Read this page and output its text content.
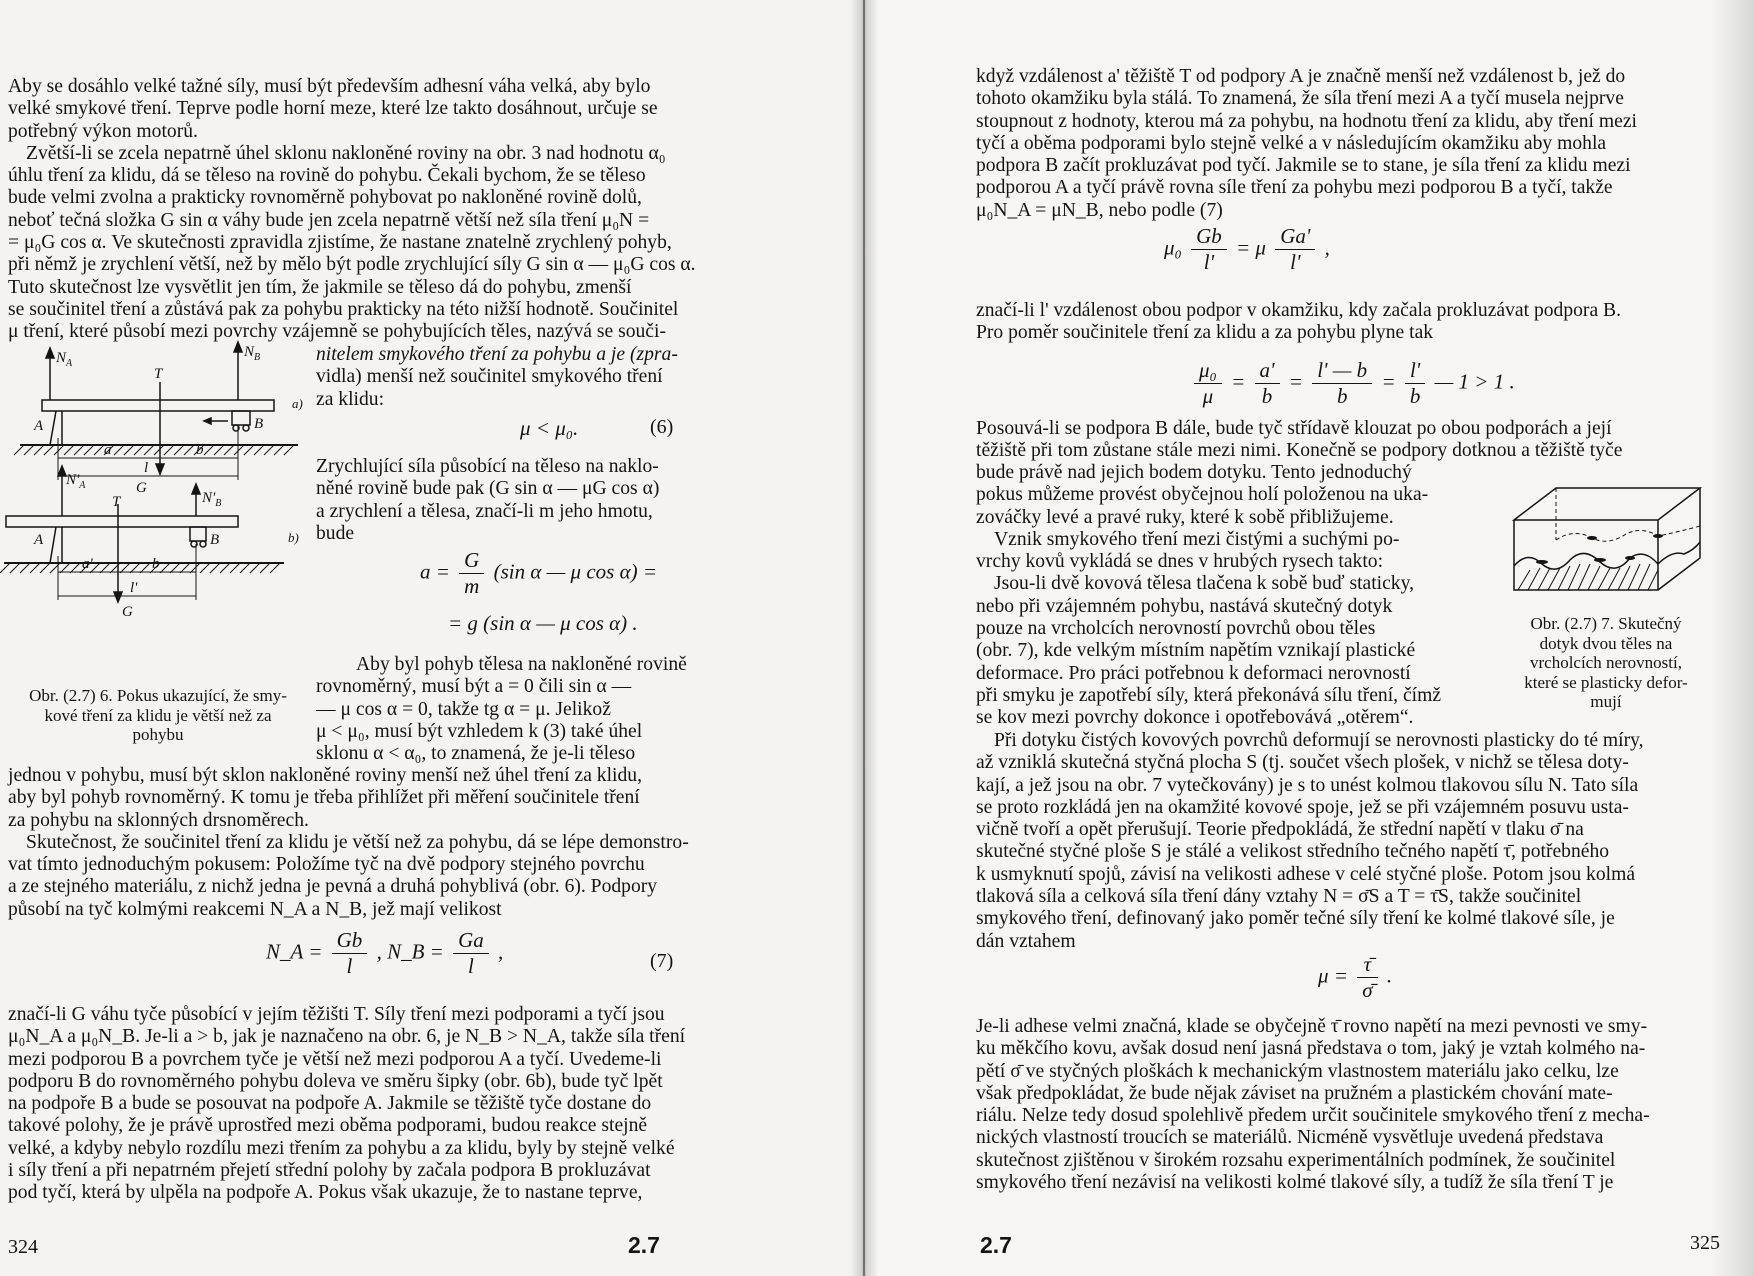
Aby se dosáhlo velké tažné síly, musí být především adhesní váha velká, aby bylo
velké smykové tření. Teprve podle horní meze, které lze takto dosáhnout, určuje se
potřebný výkon motorů.
Zvětší-li se zcela nepatrně úhel sklonu nakloněné roviny na obr. 3 nad hodnotu α₀
úhlu tření za klidu, dá se těleso na rovině do pohybu. Čekali bychom, že se těleso
bude velmi zvolna a prakticky rovnoměrně pohybovat po nakloněné rovině dolů,
neboť tečná složka G sin α váhy bude jen zcela nepatrně větší než síla tření μ₀N =
= μ₀G cos α. Ve skutečnosti zpravidla zjistíme, že nastane znatelně zrychlený pohyb,
při němž je zrychlení větší, než by mělo být podle zrychlující síly G sin α — μ₀G cos α.
Tuto skutečnost lze vysvětlit jen tím, že jakmile se těleso dá do pohybu, zmenší
se součinitel tření a zůstává pak za pohybu prakticky na této nižší hodnotě. Součinitel
μ tření, které působí mezi povrchy vzájemně se pohybujících těles, nazývá se souči-
nitelem smykového tření za pohybu a je (zpra-
vidla) menší než součinitel smykového tření
za klidu:
μ < μ₀.	(6)
Zrychlující síla působící na těleso na naklo-
něné rovině bude pak (G sin α — μG cos α)
a zrychlení a tělesa, značí-li m jeho hmotu,
bude
$a = \frac{G}{m} (\sin$ α — μ cos α) =
= g (sin α — μ cos α) .
Aby byl pohyb tělesa na nakloněné rovině
rovnoměrný, musí být a = 0 čili sin α —
— μ cos α = 0, takže tg α = μ. Jelikož
μ < μ₀, musí být vzhledem k (3) také úhel
sklonu α < α₀, to znamená, že je-li těleso
$N_A$
$N_B$
T
A	B
a)
a	b
l
G
$N'_A$
$N'_B$
T
A	B	b)
a'	b
l'
G
Obr. (2.7) 6. Pokus ukazující, že smy-
kové tření za klidu je větší než za
pohybu
jednou v pohybu, musí být sklon nakloněné roviny menší než úhel tření za klidu,
aby byl pohyb rovnoměrný. K tomu je třeba přihlížet při měření součinitele tření
za pohybu na sklonných drsnoměrech.
Skutečnost, že součinitel tření za klidu je větší než za pohybu, dá se lépe demonstro-
vat tímto jednoduchým pokusem: Položíme tyč na dvě podpory stejného povrchu
a ze stejného materiálu, z nichž jedna je pevná a druhá pohyblivá (obr. 6). Podpory
působí na tyč kolmými reakcemi N_A a N_B, jež mají velikost
N_A = $\frac{Gb}{l}$ , N_B = $\frac{Ga}{l}$ ,	(7)
značí-li G váhu tyče působící v jejím těžišti T. Síly tření mezi podporami a tyčí jsou
μ₀N_A a μ₀N_B. Je-li a > b, jak je naznačeno na obr. 6, je N_B > N_A, takže síla tření
mezi podporou B a povrchem tyče je větší než mezi podporou A a tyčí. Uvedeme-li
podporu B do rovnoměrného pohybu doleva ve směru šipky (obr. 6b), bude tyč lpět
na podpoře B a bude se posouvat na podpoře A. Jakmile se těžiště tyče dostane do
takové polohy, že je právě uprostřed mezi oběma podporami, budou reakce stejně
velké, a kdyby nebylo rozdílu mezi třením za pohybu a za klidu, byly by stejně velké
i síly tření a při nepatrném přejetí střední polohy by začala podpora B prokluzávat
pod tyčí, která by ulpěla na podpoře A. Pokus však ukazuje, že to nastane teprve,
324	2.7
když vzdálenost a' těžiště T od podpory A je značně menší než vzdálenost b, jež do
tohoto okamžiku byla stálá. To znamená, že síla tření mezi A a tyčí musela nejprve
stoupnout z hodnoty, kterou má za pohybu, na hodnotu tření za klidu, aby tření mezi
tyčí a oběma podporami bylo stejně velké a v následujícím okamžiku aby mohla
podpora B začít prokluzávat pod tyčí. Jakmile se to stane, je síla tření za klidu mezi
podporou A a tyčí právě rovna síle tření za pohybu mezi podporou B a tyčí, takže
μ₀N_A = μN_B, nebo podle (7)
$\mu_0 \frac{Gb}{l'} = \mu \frac{Ga'}{l'}$ ,
značí-li l' vzdálenost obou podpor v okamžiku, kdy začala prokluzávat podpora B.
Pro poměr součinitele tření za klidu a za pohybu plyne tak
$\frac{\text{μ₀}}{\mu} = \frac{a'}{b} = \frac{l' — b}{b} = \frac{l'}{b}$ — 1 > 1 .
Posouvá-li se podpora B dále, bude tyč střídavě klouzat po obou podporách a její
těžiště při tom zůstane stále mezi nimi. Konečně se podpory dotknou a těžiště tyče
bude právě nad jejich bodem dotyku. Tento jednoduchý
pokus můžeme provést obyčejnou holí položenou na uka-
zováčky levé a pravé ruky, které k sobě přibližujeme.
Vznik smykového tření mezi čistými a suchými po-
vrchy kovů vykládá se dnes v hrubých rysech takto:
Jsou-li dvě kovová tělesa tlačena k sobě buď staticky,
nebo při vzájemném pohybu, nastává skutečný dotyk
pouze na vrcholcích nerovností povrchů obou těles
(obr. 7), kde velkým místním napětím vznikají plastické
deformace. Pro práci potřebnou k deformaci nerovností
při smyku je zapotřebí síly, která překonává sílu tření, čímž
se kov mezi povrchy dokonce i opotřebovává „otěrem“.
Obr. (2.7) 7. Skutečný
dotyk dvou těles na
vrcholcích nerovností,
které se plasticky defor-
mují
Při dotyku čistých kovových povrchů deformují se nerovnosti plasticky do té míry,
až vzniklá skutečná styčná plocha S (tj. součet všech plošek, v nichž se tělesa doty-
kají, a jež jsou na obr. 7 vytečkovány) je s to unést kolmou tlakovou sílu N. Tato síla
se proto rozkládá jen na okamžité kovové spoje, jež se při vzájemném posuvu usta-
vičně tvoří a opět přerušují. Teorie předpokládá, že střední napětí v tlaku σ̄ na
skutečné styčné ploše S je stálé a velikost středního tečného napětí τ̄, potřebného
k usmyknutí spojů, závisí na velikosti adhese v celé styčné ploše. Potom jsou kolmá
tlaková síla a celková síla tření dány vztahy N = σ̄S a T = τ̄S, takže součinitel
smykového tření, definovaný jako poměr tečné síly tření ke kolmé tlakové síle, je
dán vztahem
$\mu = \frac{\taū}{\sigmā}$ .
Je-li adhese velmi značná, klade se obyčejně τ̄ rovno napětí na mezi pevnosti ve smy-
ku měkčího kovu, avšak dosud není jasná představa o tom, jaký je vztah kolmého na-
pětí σ̄ ve styčných ploškách k mechanickým vlastnostem materiálu jako celku, lze
však předpokládat, že bude nějak záviset na pružném a plastickém chování mate-
riálu. Nelze tedy dosud spolehlivě předem určit součinitele smykového tření z mecha-
nických vlastností troucích se materiálů. Nicméně vysvětluje uvedená představa
skutečnost zjištěnou v širokém rozsahu experimentálních podmínek, že součinitel
smykového tření nezávisí na velikosti kolmé tlakové síly, a tudíž že síla tření T je
2.7	325
